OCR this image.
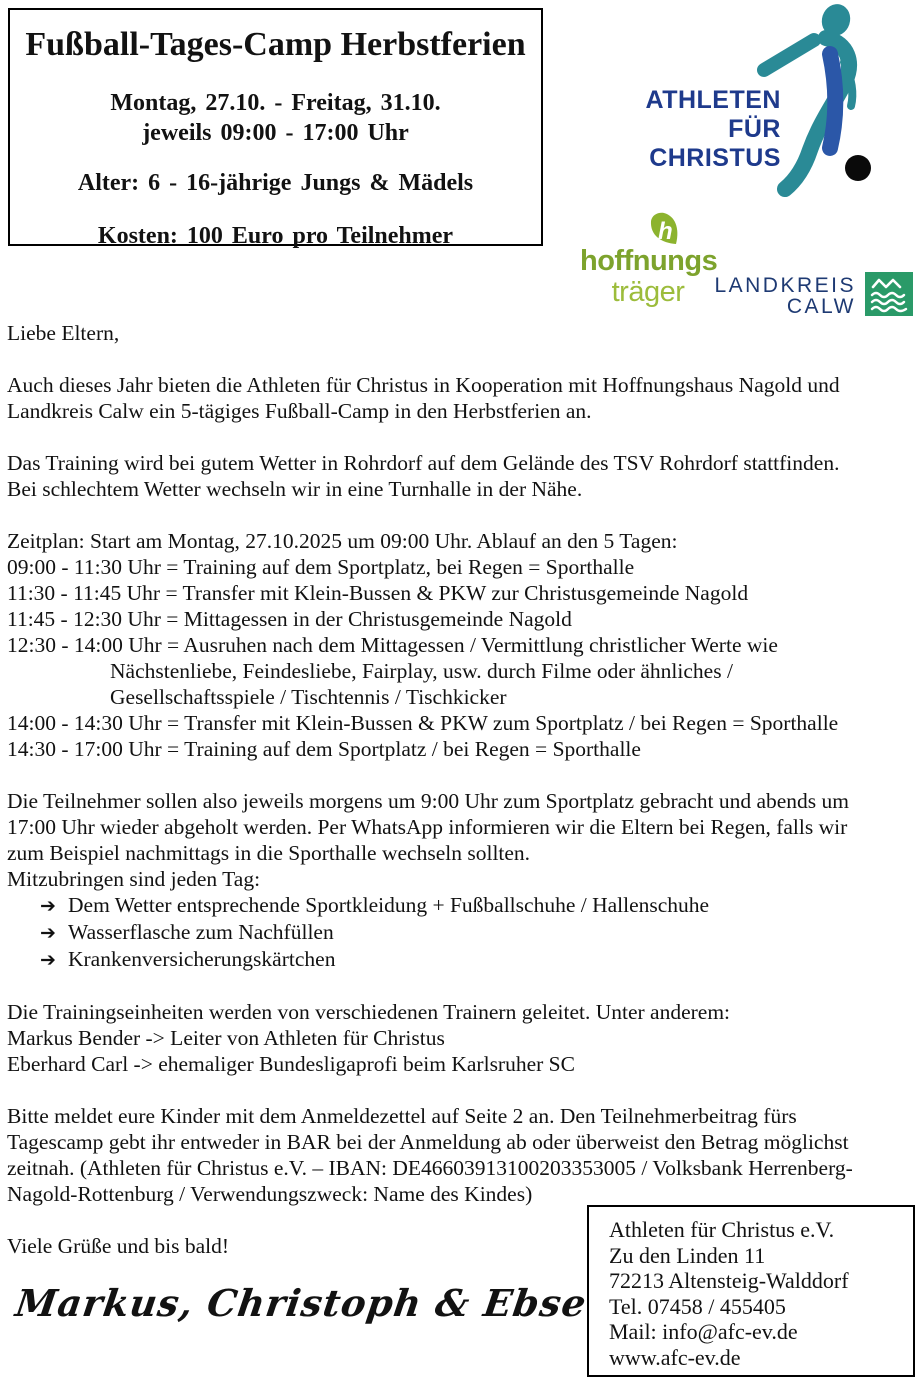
Fußball-Tages-Camp Herbstferien
Montag, 27.10. - Freitag, 31.10.
jeweils 09:00 - 17:00 Uhr
Alter: 6 - 16-jährige Jungs & Mädels
Kosten: 100 Euro pro Teilnehmer
ATHLETEN
FÜR
CHRISTUS
h
hoffnungs
träger	LANDKREIS
CALW
Liebe Eltern,
Auch dieses Jahr bieten die Athleten für Christus in Kooperation mit Hoffnungshaus Nagold und
Landkreis Calw ein 5-tägiges Fußball-Camp in den Herbstferien an.
Das Training wird bei gutem Wetter in Rohrdorf auf dem Gelände des TSV Rohrdorf stattfinden.
Bei schlechtem Wetter wechseln wir in eine Turnhalle in der Nähe.
Zeitplan: Start am Montag, 27.10.2025 um 09:00 Uhr. Ablauf an den 5 Tagen:
09:00 - 11:30 Uhr = Training auf dem Sportplatz, bei Regen = Sporthalle
11:30 - 11:45 Uhr = Transfer mit Klein-Bussen & PKW zur Christusgemeinde Nagold
11:45 - 12:30 Uhr = Mittagessen in der Christusgemeinde Nagold
12:30 - 14:00 Uhr = Ausruhen nach dem Mittagessen / Vermittlung christlicher Werte wie
Nächstenliebe, Feindesliebe, Fairplay, usw. durch Filme oder ähnliches /
Gesellschaftsspiele / Tischtennis / Tischkicker
14:00 - 14:30 Uhr = Transfer mit Klein-Bussen & PKW zum Sportplatz / bei Regen = Sporthalle
14:30 - 17:00 Uhr = Training auf dem Sportplatz / bei Regen = Sporthalle
Die Teilnehmer sollen also jeweils morgens um 9:00 Uhr zum Sportplatz gebracht und abends um
17:00 Uhr wieder abgeholt werden. Per WhatsApp informieren wir die Eltern bei Regen, falls wir
zum Beispiel nachmittags in die Sporthalle wechseln sollten.
Mitzubringen sind jeden Tag:
➔ Dem Wetter entsprechende Sportkleidung + Fußballschuhe / Hallenschuhe
➔ Wasserflasche zum Nachfüllen
➔ Krankenversicherungskärtchen
Die Trainingseinheiten werden von verschiedenen Trainern geleitet. Unter anderem:
Markus Bender -> Leiter von Athleten für Christus
Eberhard Carl -> ehemaliger Bundesligaprofi beim Karlsruher SC
Bitte meldet eure Kinder mit dem Anmeldezettel auf Seite 2 an. Den Teilnehmerbeitrag fürs
Tagescamp gebt ihr entweder in BAR bei der Anmeldung ab oder überweist den Betrag möglichst
zeitnah. (Athleten für Christus e.V. – IBAN: DE46603913100203353005 / Volksbank Herrenberg-
Nagold-Rottenburg / Verwendungszweck: Name des Kindes)
Viele Grüße und bis bald!
Markus, Christoph & Ebse
Athleten für Christus e.V.
Zu den Linden 11
72213 Altensteig-Walddorf
Tel. 07458 / 455405
Mail: info@afc-ev.de
www.afc-ev.de
